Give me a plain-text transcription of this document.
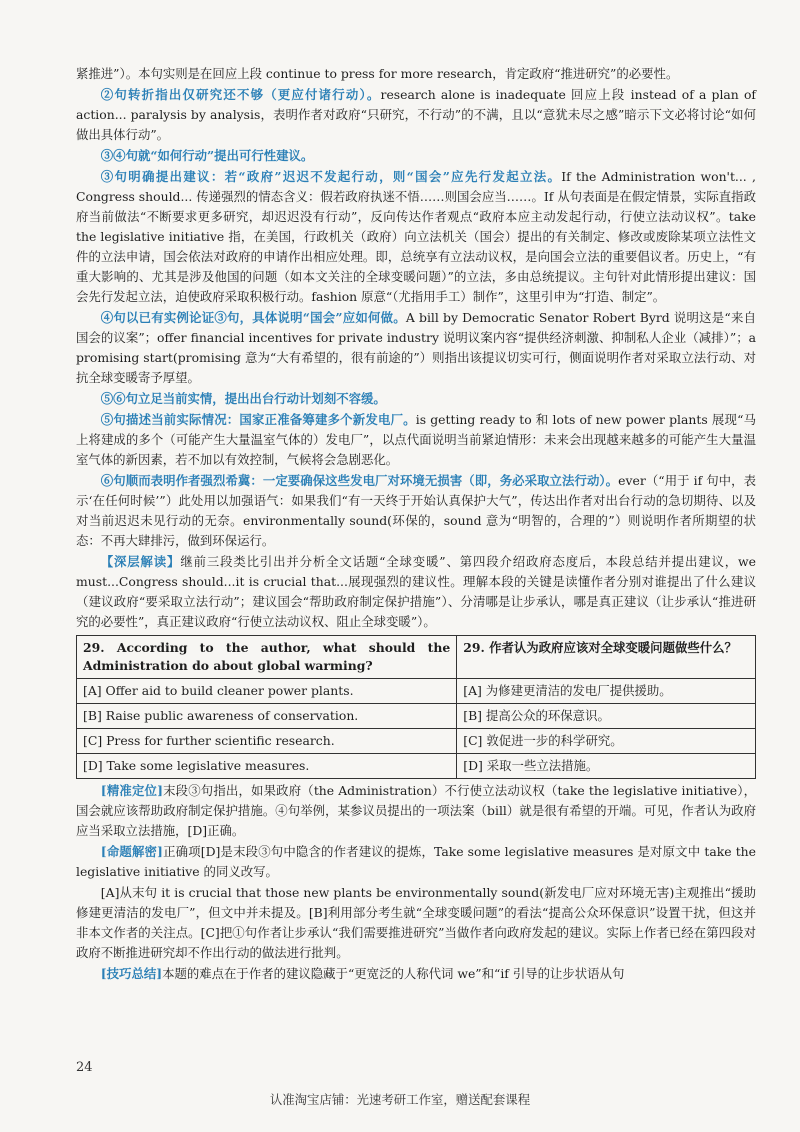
紧推进”）。本句实则是在回应上段 continue to press for more research，肯定政府“推进研究”的必要性。

②句转折指出仅研究还不够（更应付诸行动）。research alone is inadequate 回应上段 instead of a plan of action... paralysis by analysis，表明作者对政府“只研究，不行动”的不满，且以“意犹未尽之感”暗示下文必将讨论“如何做出具体行动”。

③④句就“如何行动”提出可行性建议。

③句明确提出建议：若“政府”迟迟不发起行动，则“国会”应先行发起立法。If the Administration won't... , Congress should... 传递强烈的情态含义：假若政府执迷不悟……则国会应当……。If 从句表面是在假定情景，实际直指政府当前做法“不断要求更多研究，却迟迟没有行动”，反向传达作者观点“政府本应主动发起行动，行使立法动议权”。take the legislative initiative 指，在美国，行政机关（政府）向立法机关（国会）提出的有关制定、修改或废除某项立法性文件的立法申请，国会依法对政府的申请作出相应处理。即，总统享有立法动议权，是向国会立法的重要倡议者。历史上，“有重大影响的、尤其是涉及他国的问题（如本文关注的全球变暖问题）”的立法，多由总统提议。主句针对此情形提出建议：国会先行发起立法，迫使政府采取积极行动。fashion 原意“（尤指用手工）制作”，这里引申为“打造、制定”。

④句以已有实例论证③句，具体说明“国会”应如何做。A bill by Democratic Senator Robert Byrd 说明这是“来自国会的议案”；offer financial incentives for private industry 说明议案内容“提供经济刺激、抑制私人企业（减排）”；a promising start(promising 意为“大有希望的，很有前途的”）则指出该提议切实可行，侧面说明作者对采取立法行动、对抗全球变暖寄予厚望。

⑤⑥句立足当前实情，提出出台行动计划刻不容缓。

⑤句描述当前实际情况：国家正准备筹建多个新发电厂。is getting ready to 和 lots of new power plants 展现“马上将建成的多个（可能产生大量温室气体的）发电厂”，以点代面说明当前紧迫情形：未来会出现越来越多的可能产生大量温室气体的新因素，若不加以有效控制，气候将会急剧恶化。

⑥句顺而表明作者强烈希冀：一定要确保这些发电厂对环境无损害（即，务必采取立法行动）。ever（“用于 if 句中，表示‘在任何时候’”）此处用以加强语气：如果我们“有一天终于开始认真保护大气”，传达出作者对出台行动的急切期待、以及对当前迟迟未见行动的无奈。environmentally sound(环保的，sound 意为“明智的，合理的”）则说明作者所期望的状态：不再大肆排污，做到环保运行。

【深层解读】继前三段类比引出并分析全文话题“全球变暖”、第四段介绍政府态度后，本段总结并提出建议，we must...Congress should...it is crucial that...展现强烈的建议性。理解本段的关键是读懂作者分别对谁提出了什么建议（建议政府“要采取立法行动”；建议国会“帮助政府制定保护措施”）、分清哪是让步承认，哪是真正建议（让步承认“推进研究的必要性”，真正建议政府“行使立法动议权、阻止全球变暖”）。

29. According to the author, what should the Administration do about global warming?	29. 作者认为政府应该对全球变暖问题做些什么？
[A] Offer aid to build cleaner power plants.	[A] 为修建更清洁的发电厂提供援助。
[B] Raise public awareness of conservation.	[B] 提高公众的环保意识。
[C] Press for further scientific research.	[C] 敦促进一步的科学研究。
[D] Take some legislative measures.	[D] 采取一些立法措施。

[精准定位]末段③句指出，如果政府（the Administration）不行使立法动议权（take the legislative initiative），国会就应该帮助政府制定保护措施。④句举例，某参议员提出的一项法案（bill）就是很有希望的开端。可见，作者认为政府应当采取立法措施，[D]正确。

[命题解密]正确项[D]是末段③句中隐含的作者建议的提炼，Take some legislative measures 是对原文中 take the legislative initiative 的同义改写。

[A]从末句 it is crucial that those new plants be environmentally sound(新发电厂应对环境无害)主观推出“援助修建更清洁的发电厂”，但文中并未提及。[B]利用部分考生就“全球变暖问题”的看法“提高公众环保意识”设置干扰，但这并非本文作者的关注点。[C]把①句作者让步承认“我们需要推进研究”当做作者向政府发起的建议。实际上作者已经在第四段对政府不断推进研究却不作出行动的做法进行批判。

[技巧总结]本题的难点在于作者的建议隐藏于“更宽泛的人称代词 we”和“if 引导的让步状语从句

24
认准淘宝店铺：光速考研工作室，赠送配套课程
